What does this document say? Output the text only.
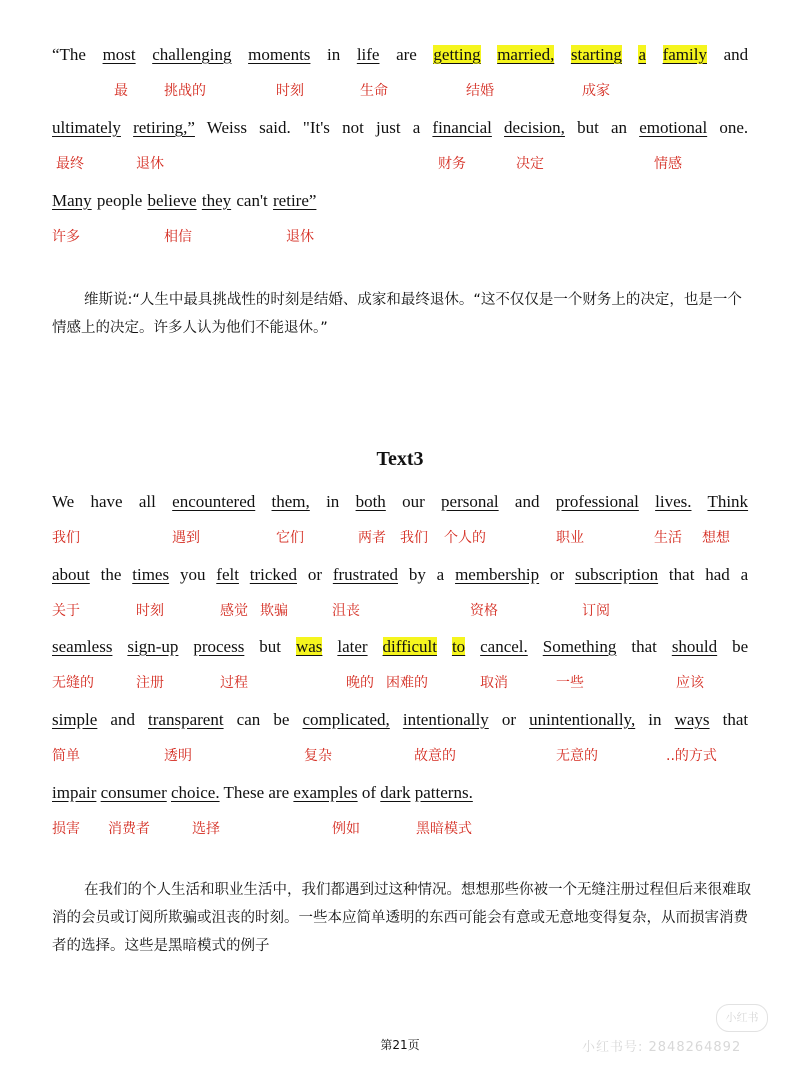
“The most challenging moments in life are getting married, starting a family and
最	挑战的	时刻	生命	结婚	成家
ultimately retiring,” Weiss said. "It's not just a financial decision, but an emotional one.
最终	退休	财务	决定	情感
Many people believe they can't retire”
许多	相信	退休
维斯说:“人生中最具挑战性的时刻是结婚、成家和最终退休。“这不仅仅是一个财务上的决定，也是一个情感上的决定。许多人认为他们不能退休。”
Text3
We have all encountered them, in both our personal and professional lives. Think
我们	遇到	它们	两者 我们 个人的	职业	生活 想想
about the times you felt tricked or frustrated by a membership or subscription that had a
关于	时刻	感觉 欺骗	沮丧	资格	订阅
seamless sign-up process but was later difficult to cancel. Something that should be
无缝的	注册	过程	晚的 困难的	取消	一些	应该
simple and transparent can be complicated, intentionally or unintentionally, in ways that
简单	透明	复杂	故意的	无意的	..的方式
impair consumer choice. These are examples of dark patterns.
损害 消费者	选择	例如	黑暗模式
在我们的个人生活和职业生活中，我们都遇到过这种情况。想想那些你被一个无缝注册过程但后来很难取消的会员或订阅所欺骗或沮丧的时刻。一些本应简单透明的东西可能会有意或无意地变得复杂，从而损害消费者的选择。这些是黑暗模式的例子
第21页
小红书
小红书号: 2848264892
